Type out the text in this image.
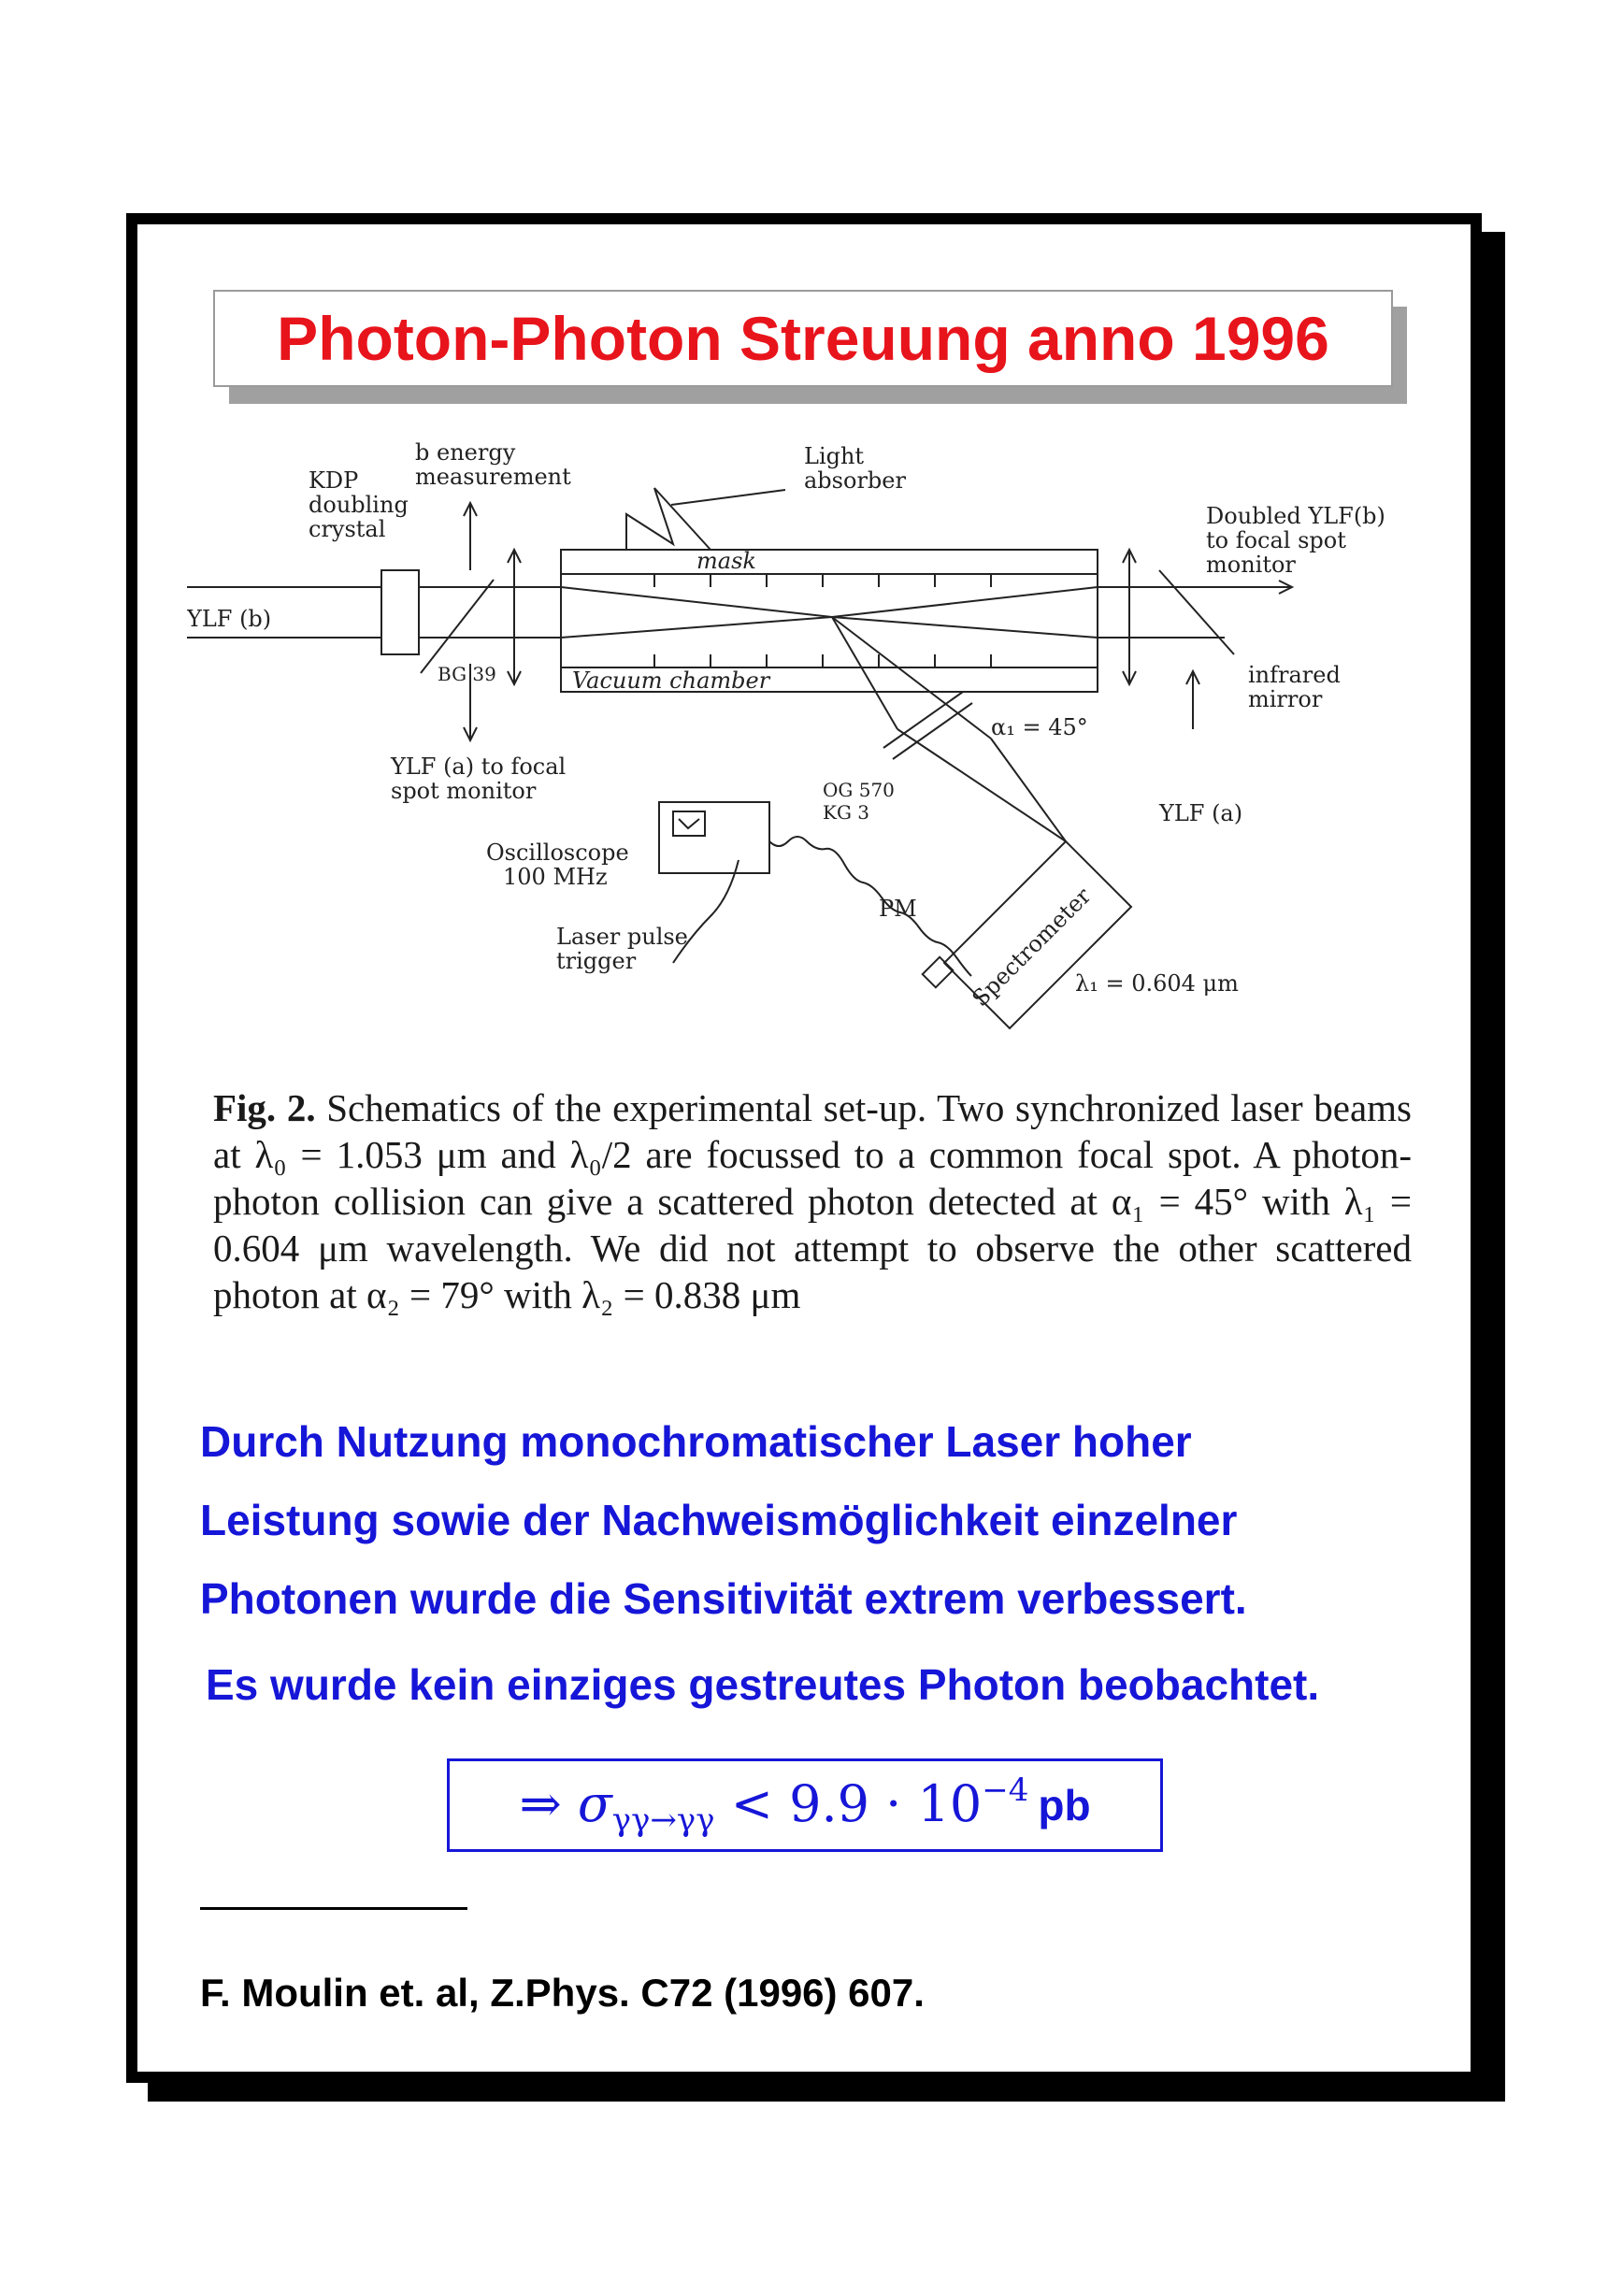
Photon-Photon Streuung anno 1996
b energy
measurement
KDP
doubling
crystal
Light
absorber
mask
Doubled YLF(b)
to focal spot
monitor
YLF (b)
BG 39	Vacuum chamber	infrared
mirror
α₁ = 45°
YLF (a) to focal
spot monitor	OG 570
KG 3	YLF (a)
Oscilloscope
100 MHz
PM
Laser pulse
trigger	Spectrometer
λ₁ = 0.604 μm
Fig. 2. Schematics of the experimental set-up. Two synchronized laser beams at λ₀ = 1.053 μm and λ₀/2 are focussed to a common focal spot. A photon-photon collision can give a scattered photon detected at α₁ = 45° with λ₁ = 0.604 μm wavelength. We did not attempt to observe the other scattered photon at α₂ = 79° with λ₂ = 0.838 μm
Durch Nutzung monochromatischer Laser hoher
Leistung sowie der Nachweismöglichkeit einzelner
Photonen wurde die Sensitivität extrem verbessert.
Es wurde kein einziges gestreutes Photon beobachtet.
⇒ $\sigma_{\gamma\gamma\to\gamma\gamma} < 9.9 \cdot 10^{-4}$ pb
F. Moulin et. al, Z.Phys. C72 (1996) 607.
